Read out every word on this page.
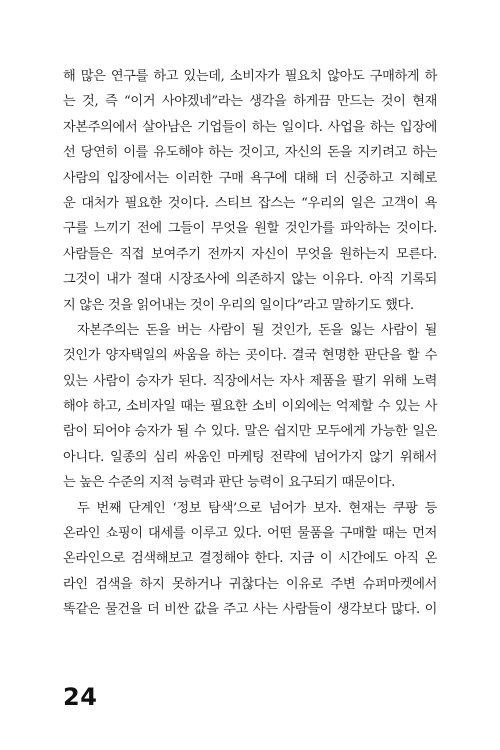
해 많은 연구를 하고 있는데, 소비자가 필요치 않아도 구매하게 하
는 것, 즉 “이거 사야겠네”라는 생각을 하게끔 만드는 것이 현재
자본주의에서 살아남은 기업들이 하는 일이다. 사업을 하는 입장에
선 당연히 이를 유도해야 하는 것이고, 자신의 돈을 지키려고 하는
사람의 입장에서는 이러한 구매 욕구에 대해 더 신중하고 지혜로
운 대처가 필요한 것이다. 스티브 잡스는 “우리의 일은 고객이 욕
구를 느끼기 전에 그들이 무엇을 원할 것인가를 파악하는 것이다.
사람들은 직접 보여주기 전까지 자신이 무엇을 원하는지 모른다.
그것이 내가 절대 시장조사에 의존하지 않는 이유다. 아직 기록되
지 않은 것을 읽어내는 것이 우리의 일이다”라고 말하기도 했다.
자본주의는 돈을 버는 사람이 될 것인가, 돈을 잃는 사람이 될
것인가 양자택일의 싸움을 하는 곳이다. 결국 현명한 판단을 할 수
있는 사람이 승자가 된다. 직장에서는 자사 제품을 팔기 위해 노력
해야 하고, 소비자일 때는 필요한 소비 이외에는 억제할 수 있는 사
람이 되어야 승자가 될 수 있다. 말은 쉽지만 모두에게 가능한 일은
아니다. 일종의 심리 싸움인 마케팅 전략에 넘어가지 않기 위해서
는 높은 수준의 지적 능력과 판단 능력이 요구되기 때문이다.
두 번째 단계인 ‘정보 탐색’으로 넘어가 보자. 현재는 쿠팡 등
온라인 쇼핑이 대세를 이루고 있다. 어떤 물품을 구매할 때는 먼저
온라인으로 검색해보고 결정해야 한다. 지금 이 시간에도 아직 온
라인 검색을 하지 못하거나 귀찮다는 이유로 주변 슈퍼마켓에서
똑같은 물건을 더 비싼 값을 주고 사는 사람들이 생각보다 많다. 이
24
